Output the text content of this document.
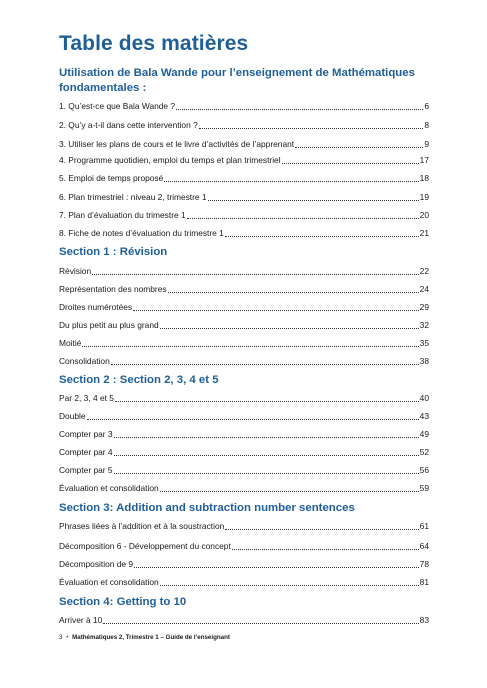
Table des matières
Utilisation de Bala Wande pour l’enseignement de Mathématiques fondamentales :
1. Qu’est-ce que Bala Wande ?	6
2. Qu’y a-t-il dans cette intervention ?	8
3. Utiliser les plans de cours et le livre d’activités de l’apprenant	9
4. Programme quotidien, emploi du temps et plan trimestriel	17
5. Emploi de temps proposé	18
6. Plan trimestriel : niveau 2, trimestre 1	19
7. Plan d’évaluation du trimestre 1	20
8. Fiche de notes d’évaluation du trimestre 1	21
Section 1 : Révision
Révision	22
Représentation des nombres	24
Droites numérotées	29
Du plus petit au plus grand	32
Moitié	35
Consolidation	38
Section 2 : Section 2, 3, 4 et 5
Par 2, 3, 4 et 5	40
Double	43
Compter par 3	49
Compter par 4	52
Compter par 5	56
Évaluation et consolidation	59
Section 3: Addition and subtraction number sentences
Phrases liées à l’addition et à la soustraction	61
Décomposition 6 - Développement du concept	64
Décomposition de 9	78
Évaluation et consolidation	81
Section 4: Getting to 10
Arriver à 10	83
3 • Mathématiques 2, Trimestre 1 – Guide de l’enseignant
